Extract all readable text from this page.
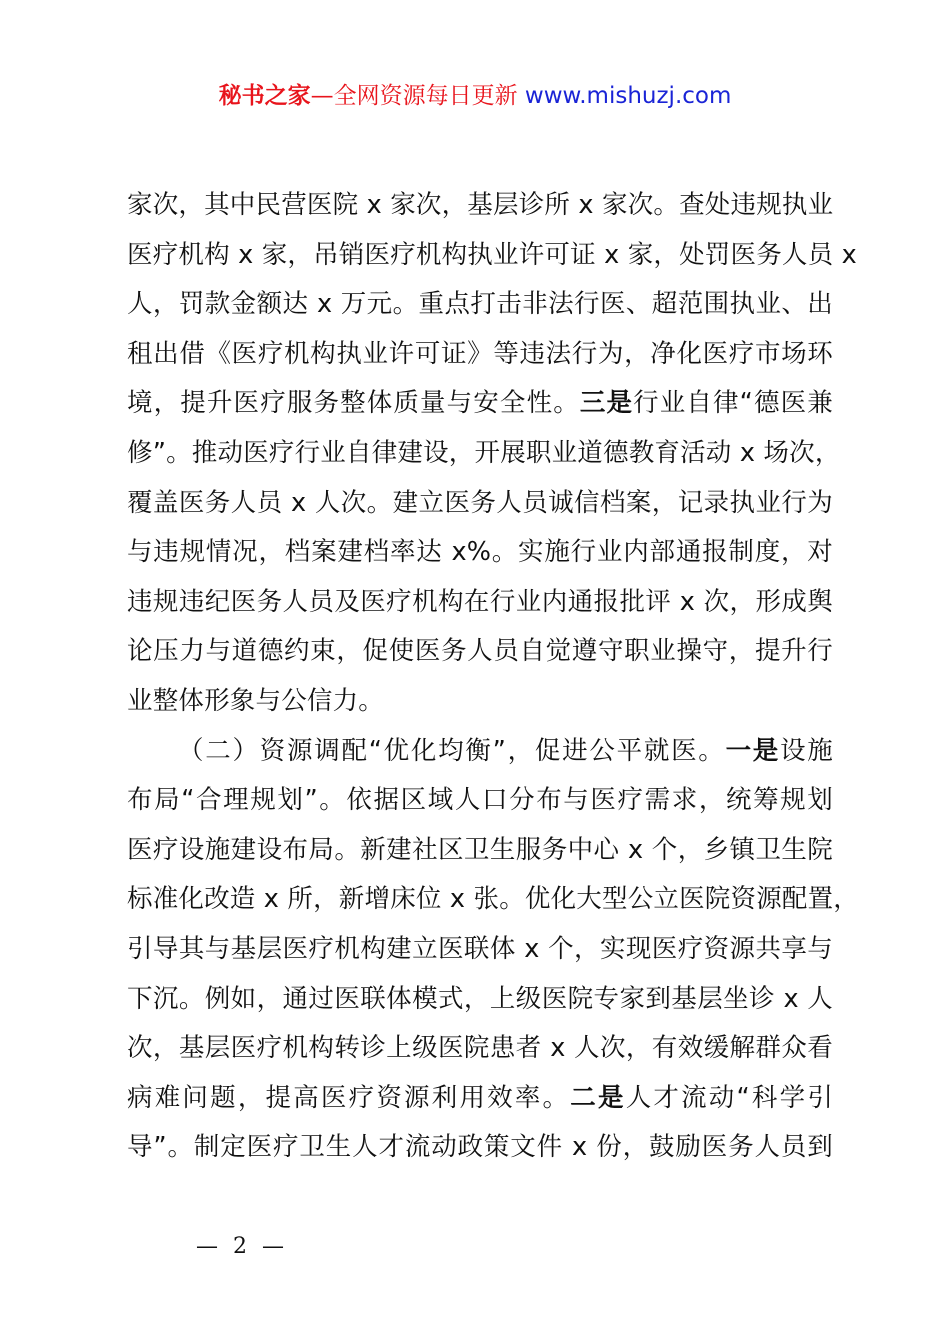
秘书之家—全网资源每日更新 www.mishuzj.com
家次，其中民营医院 x 家次，基层诊所 x 家次。查处违规执业
医疗机构 x 家，吊销医疗机构执业许可证 x 家，处罚医务人员 x
人，罚款金额达 x 万元。重点打击非法行医、超范围执业、出
租出借《医疗机构执业许可证》等违法行为，净化医疗市场环
境，提升医疗服务整体质量与安全性。三是行业自律“德医兼
修”。推动医疗行业自律建设，开展职业道德教育活动 x 场次，
覆盖医务人员 x 人次。建立医务人员诚信档案，记录执业行为
与违规情况，档案建档率达 x%。实施行业内部通报制度，对
违规违纪医务人员及医疗机构在行业内通报批评 x 次，形成舆
论压力与道德约束，促使医务人员自觉遵守职业操守，提升行
业整体形象与公信力。
（二）资源调配“优化均衡”，促进公平就医。一是设施
布局“合理规划”。依据区域人口分布与医疗需求，统筹规划
医疗设施建设布局。新建社区卫生服务中心 x 个，乡镇卫生院
标准化改造 x 所，新增床位 x 张。优化大型公立医院资源配置，
引导其与基层医疗机构建立医联体 x 个，实现医疗资源共享与
下沉。例如，通过医联体模式，上级医院专家到基层坐诊 x 人
次，基层医疗机构转诊上级医院患者 x 人次，有效缓解群众看
病难问题，提高医疗资源利用效率。二是人才流动“科学引
导”。制定医疗卫生人才流动政策文件 x 份，鼓励医务人员到
— 2 —
